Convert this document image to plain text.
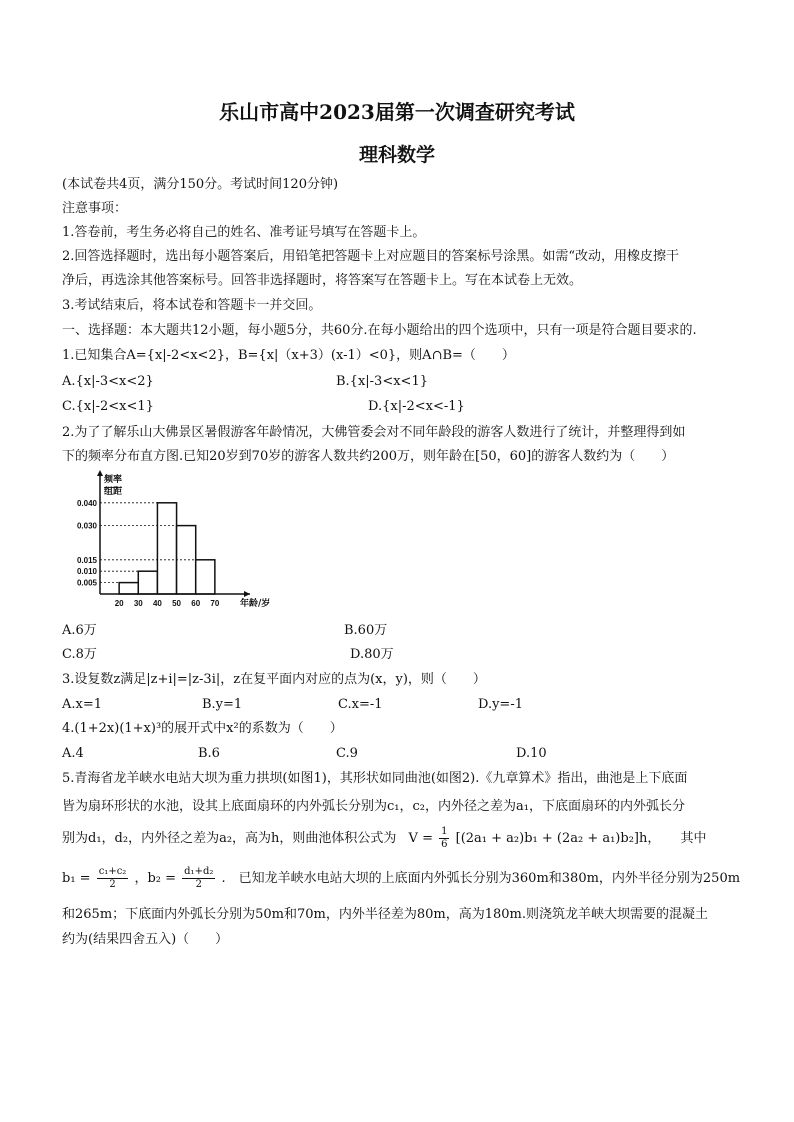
乐山市高中2023届第一次调查研究考试
理科数学
(本试卷共4页，满分150分。考试时间120分钟)
注意事项：
1.答卷前，考生务必将自己的姓名、准考证号填写在答题卡上。
2.回答选择题时，选出每小题答案后，用铅笔把答题卡上对应题目的答案标号涂黑。如需“改动，用橡皮擦干
净后，再选涂其他答案标号。回答非选择题时，将答案写在答题卡上。写在本试卷上无效。
3.考试结束后，将本试卷和答题卡一并交回。
一、选择题：本大题共12小题，每小题5分，共60分.在每小题给出的四个选项中，只有一项是符合题目要求的.
1.已知集合A={x|-2<x<2}，B={x|（x+3）(x-1）<0}，则A∩B=（　　）
A.{x|-3<x<2}	B.{x|-3<x<1}
C.{x|-2<x<1}	D.{x|-2<x<-1}
2.为了了解乐山大佛景区暑假游客年龄情况，大佛管委会对不同年龄段的游客人数进行了统计，并整理得到如
下的频率分布直方图.已知20岁到70岁的游客人数共约200万，则年龄在[50，60]的游客人数约为（　　）
0.040
0.030
0.015
0.010
0.005
20 30 40 50 60 70
频率
组距
年龄/岁
A.6万	B.60万
C.8万	D.80万
3.设复数z满足|z+i|=|z-3i|，z在复平面内对应的点为(x，y)，则（　　）
A.x=1	B.y=1	C.x=-1	D.y=-1
4.(1+2x)(1+x)³的展开式中x²的系数为（　　）
A.4	B.6	C.9	D.10
5.青海省龙羊峡水电站大坝为重力拱坝(如图1)，其形状如同曲池(如图2).《九章算术》指出，曲池是上下底面
皆为扇环形状的水池，设其上底面扇环的内外弧长分别为c₁，c₂，内外径之差为a₁，下底面扇环的内外弧长分
别为d₁，d₂，内外径之差为a₂，高为h，则曲池体积公式为 $V = \frac{1}{6} [(2a_1 + a_2)b_1 + (2a_2 + a_1)b_2]h$， 其中
$b_1 = \frac{\text{c₁+c₂}}{2}$ ，$b_2 = \frac{\text{d₁+d₂}}{2}$ .　已知龙羊峡水电站大坝的上底面内外弧长分别为360m和380m，内外半径分别为250m
和265m；下底面内外弧长分别为50m和70m，内外半径差为80m，高为180m.则浇筑龙羊峡大坝需要的混凝土
约为(结果四舍五入)（　　）
